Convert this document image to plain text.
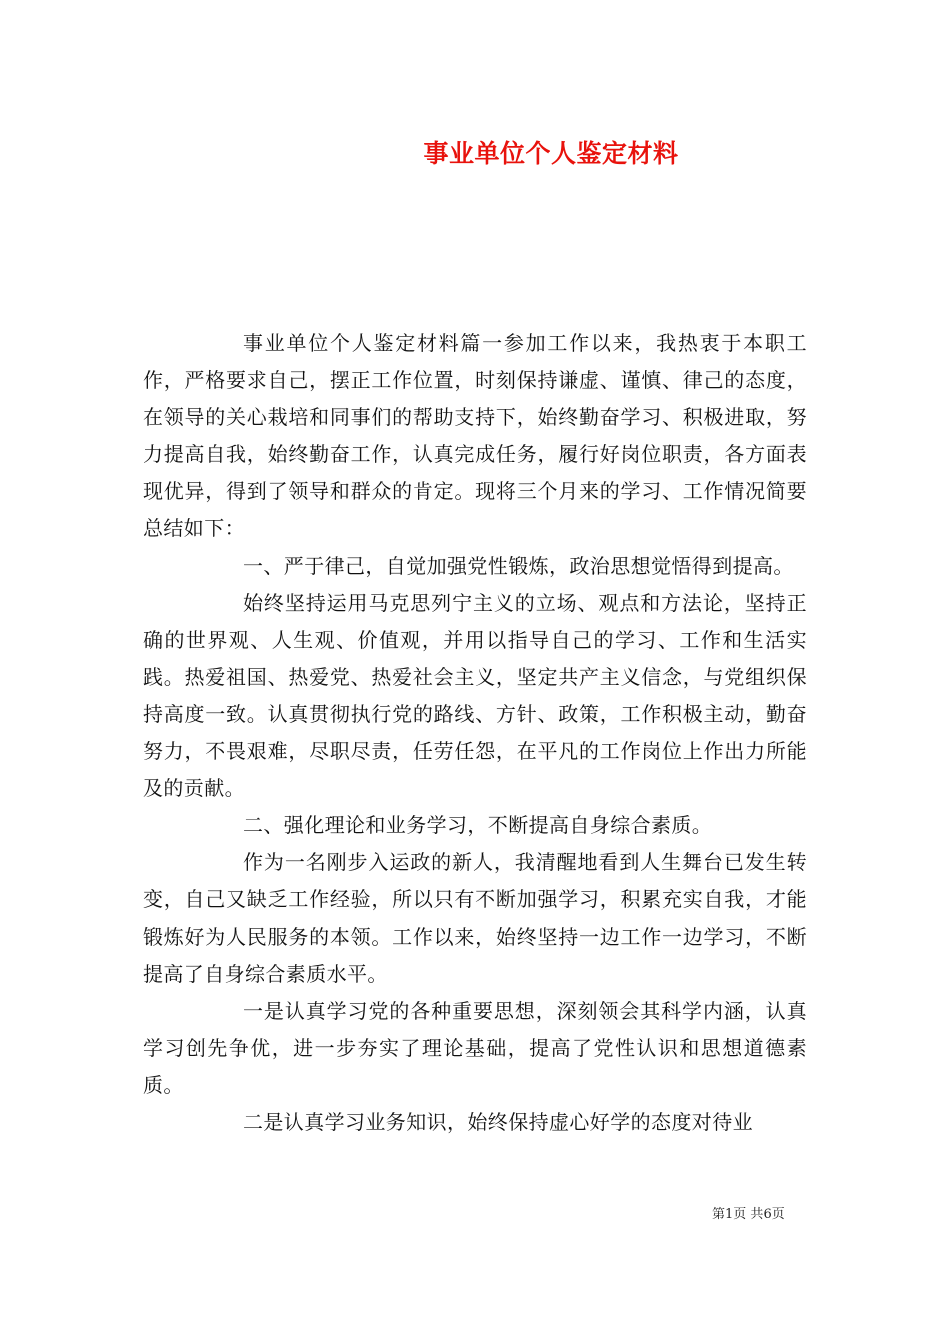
事业单位个人鉴定材料

事业单位个人鉴定材料篇一参加工作以来，我热衷于本职工作，严格要求自己，摆正工作位置，时刻保持谦虚、谨慎、律己的态度，在领导的关心栽培和同事们的帮助支持下，始终勤奋学习、积极进取，努力提高自我，始终勤奋工作，认真完成任务，履行好岗位职责，各方面表现优异，得到了领导和群众的肯定。现将三个月来的学习、工作情况简要总结如下：

一、严于律己，自觉加强党性锻炼，政治思想觉悟得到提高。

始终坚持运用马克思列宁主义的立场、观点和方法论，坚持正确的世界观、人生观、价值观，并用以指导自己的学习、工作和生活实践。热爱祖国、热爱党、热爱社会主义，坚定共产主义信念，与党组织保持高度一致。认真贯彻执行党的路线、方针、政策，工作积极主动，勤奋努力，不畏艰难，尽职尽责，任劳任怨，在平凡的工作岗位上作出力所能及的贡献。

二、强化理论和业务学习，不断提高自身综合素质。

作为一名刚步入运政的新人，我清醒地看到人生舞台已发生转变，自己又缺乏工作经验，所以只有不断加强学习，积累充实自我，才能锻炼好为人民服务的本领。工作以来，始终坚持一边工作一边学习，不断提高了自身综合素质水平。

一是认真学习党的各种重要思想，深刻领会其科学内涵，认真学习创先争优，进一步夯实了理论基础，提高了党性认识和思想道德素质。

二是认真学习业务知识，始终保持虚心好学的态度对待业

第1页 共6页
